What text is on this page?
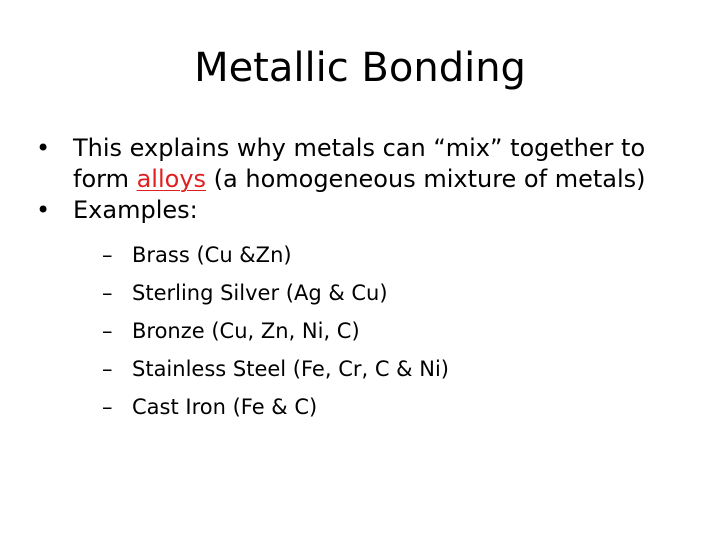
Metallic Bonding
• This explains why metals can “mix” together to form alloys (a homogeneous mixture of metals)
• Examples:
– Brass (Cu &Zn)
– Sterling Silver (Ag & Cu)
– Bronze (Cu, Zn, Ni, C)
– Stainless Steel (Fe, Cr, C & Ni)
– Cast Iron (Fe & C)
